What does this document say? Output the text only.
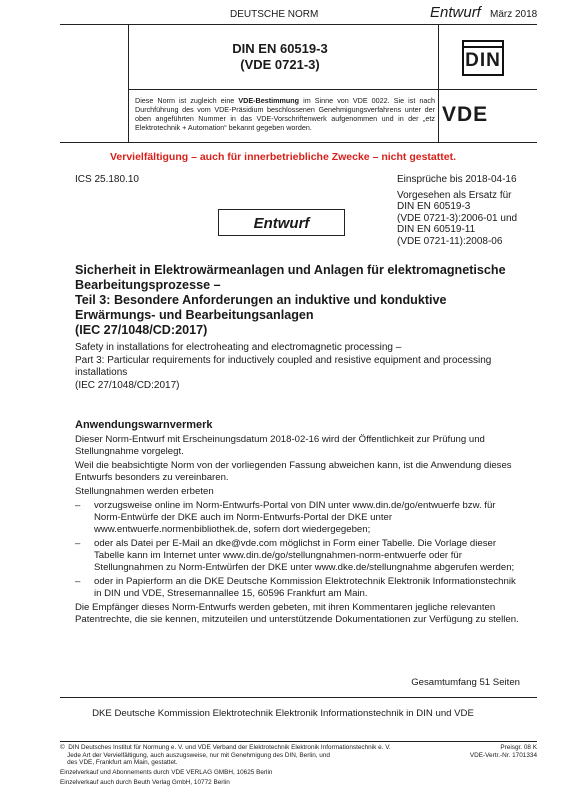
DEUTSCHE NORM	Entwurf März 2018
DIN EN 60519-3
(VDE 0721-3)	DIN
Diese Norm ist zugleich eine VDE-Bestimmung im Sinne von VDE 0022. Sie ist nach Durchführung des vom VDE-Präsidium beschlossenen Genehmigungsverfahrens unter der oben angeführten Nummer in das VDE-Vorschriftenwerk aufgenommen und in der „etz Elektrotechnik + Automation“ bekannt gegeben worden.
VDE
Vervielfältigung – auch für innerbetriebliche Zwecke – nicht gestattet.
ICS 25.180.10	Einsprüche bis 2018-04-16
Vorgesehen als Ersatz für
DIN EN 60519-3
(VDE 0721-3):2006-01 und
DIN EN 60519-11
(VDE 0721-11):2008-06
Entwurf
Sicherheit in Elektrowärmeanlagen und Anlagen für elektromagnetische
Bearbeitungsprozesse –
Teil 3: Besondere Anforderungen an induktive und konduktive
Erwärmungs- und Bearbeitungsanlagen
(IEC 27/1048/CD:2017)
Safety in installations for electroheating and electromagnetic processing –
Part 3: Particular requirements for inductively coupled and resistive equipment and processing
installations
(IEC 27/1048/CD:2017)
Anwendungswarnvermerk
Dieser Norm-Entwurf mit Erscheinungsdatum 2018-02-16 wird der Öffentlichkeit zur Prüfung und Stellungnahme vorgelegt.
Weil die beabsichtigte Norm von der vorliegenden Fassung abweichen kann, ist die Anwendung dieses Entwurfs besonders zu vereinbaren.
Stellungnahmen werden erbeten
– vorzugsweise online im Norm-Entwurfs-Portal von DIN unter www.din.de/go/entwuerfe bzw. für Norm-Entwürfe der DKE auch im Norm-Entwurfs-Portal der DKE unter www.entwuerfe.normenbibliothek.de, sofern dort wiedergegeben;
– oder als Datei per E-Mail an dke@vde.com möglichst in Form einer Tabelle. Die Vorlage dieser Tabelle kann im Internet unter www.din.de/go/stellungnahmen-norm-entwuerfe oder für Stellungnahmen zu Norm-Entwürfen der DKE unter www.dke.de/stellungnahme abgerufen werden;
– oder in Papierform an die DKE Deutsche Kommission Elektrotechnik Elektronik Informationstechnik in DIN und VDE, Stresemannallee 15, 60596 Frankfurt am Main.
Die Empfänger dieses Norm-Entwurfs werden gebeten, mit ihren Kommentaren jegliche relevanten Patentrechte, die sie kennen, mitzuteilen und unterstützende Dokumentationen zur Verfügung zu stellen.
Gesamtumfang 51 Seiten
DKE Deutsche Kommission Elektrotechnik Elektronik Informationstechnik in DIN und VDE
©  DIN Deutsches Institut für Normung e. V. und VDE Verband der Elektrotechnik Elektronik Informationstechnik e. V.
Jede Art der Vervielfältigung, auch auszugsweise, nur mit Genehmigung des DIN, Berlin, und
des VDE, Frankfurt am Main, gestattet.
Einzelverkauf und Abonnements durch VDE VERLAG GMBH, 10625 Berlin
Einzelverkauf auch durch Beuth Verlag GmbH, 10772 Berlin
Preisgr. 08 K
VDE-Vertr.-Nr. 1701334
